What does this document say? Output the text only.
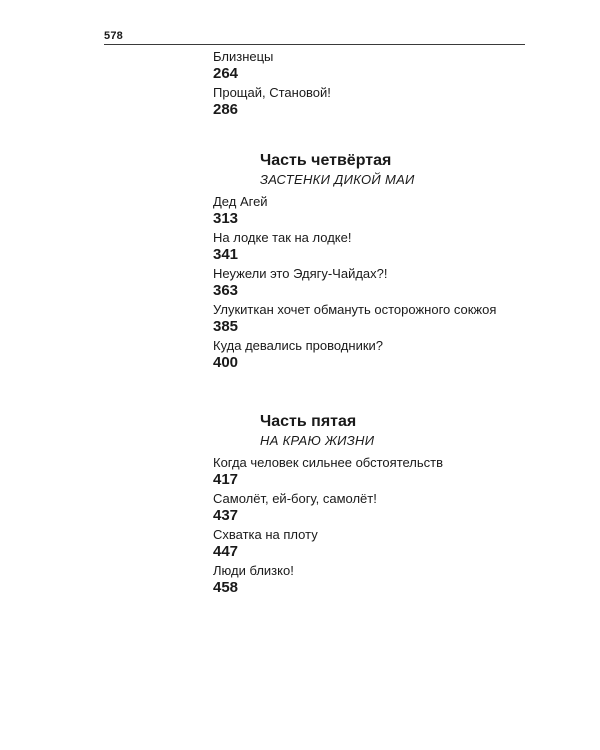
578
Близнецы
264
Прощай, Становой!
286
Часть четвёртая
ЗАСТЕНКИ ДИКОЙ МАИ
Дед Агей
313
На лодке так на лодке!
341
Неужели это Эдягу-Чайдах?!
363
Улукиткан хочет обмануть осторожного сокжоя
385
Куда девались проводники?
400
Часть пятая
НА КРАЮ ЖИЗНИ
Когда человек сильнее обстоятельств
417
Самолёт, ей-богу, самолёт!
437
Схватка на плоту
447
Люди близко!
458
